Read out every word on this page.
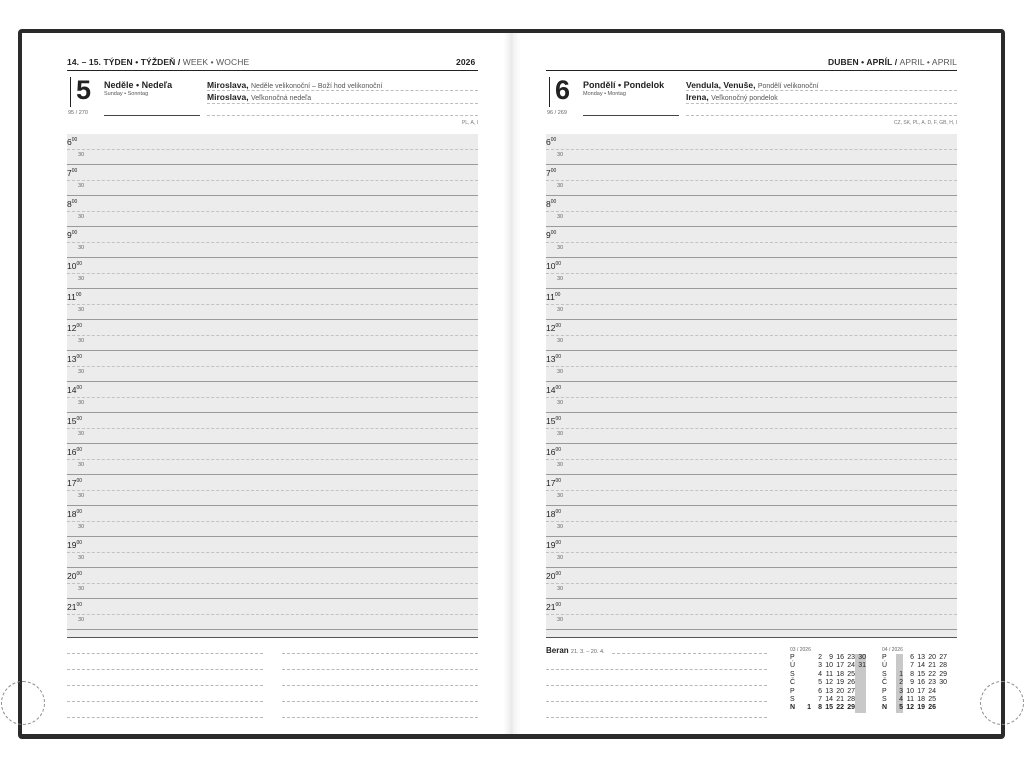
14. – 15. TÝDEN • TÝŽDEŇ / WEEK • WOCHE	2026
5 Neděle • Nedeľa
Sunday • Sonntag
95 / 270
Miroslava, Neděle velikonoční – Boží hod velikonoční
Miroslava, Veľkonočná nedeľa
PL, A, I
$6^{00}$
30
$7^{00}$
30
$8^{00}$
30
$9^{00}$
30
$10^{00}$
30
$11^{00}$
30
$12^{00}$
30
$13^{00}$
30
$14^{00}$
30
$15^{00}$
30
$16^{00}$
30
$17^{00}$
30
$18^{00}$
30
$19^{00}$
30
$20^{00}$
30
$21^{00}$
30
DUBEN • APRÍL / APRIL • APRIL
6 Pondělí • Pondelok
Monday • Montag
96 / 269
Vendula, Venuše, Pondělí velikonoční
Irena, Veľkonočný pondelok
CZ, SK, PL, A, D, F, GB, H, I
$6^{00}$
30
$7^{00}$
30
$8^{00}$
30
$9^{00}$
30
$10^{00}$
30
$11^{00}$
30
$12^{00}$
30
$13^{00}$
30
$14^{00}$
30
$15^{00}$
30
$16^{00}$
30
$17^{00}$
30
$18^{00}$
30
$19^{00}$
30
$20^{00}$
30
$21^{00}$
30
Beran 21. 3. – 20. 4.	03 / 2026
P	2	9 16 23 30
Ú	3 10 17 24 31
S	4 11 18 25
Č	5 12 19 26
P	6 13 20 27
S	7 14 21 28
N	1	8 15 22 29
04 / 2026
P	6 13 20 27
Ú	7 14 21 28
S	1	8 15 22 29
Č	2	9 16 23 30
P	3 10 17 24
S	4 11 18 25
N	5 12 19 26
